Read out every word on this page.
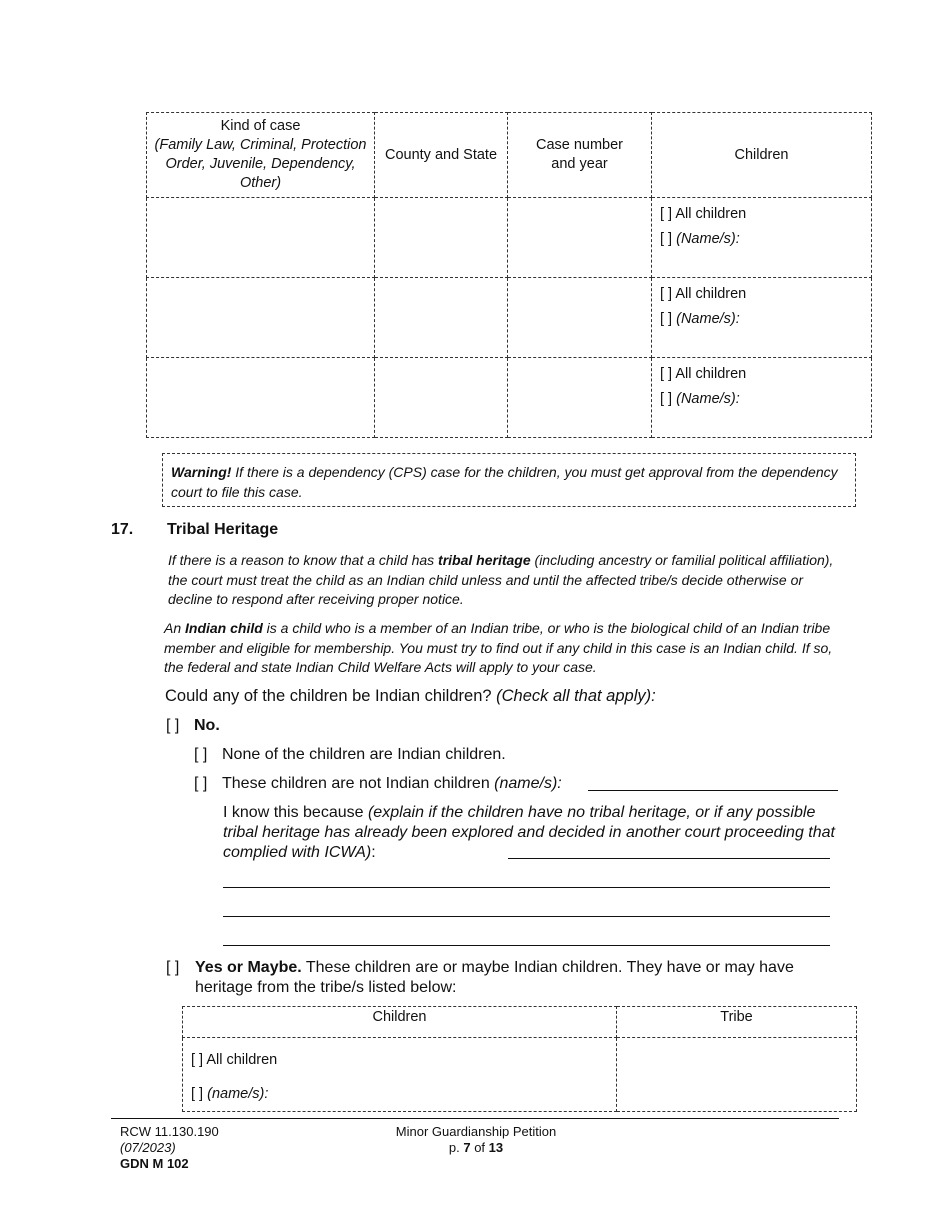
Kind of case
(Family Law, Criminal, Protection Order, Juvenile, Dependency, Other)	County and State	Case number and year	Children

			[ ] All children
[ ] (Name/s):

			[ ] All children
[ ] (Name/s):

			[ ] All children
[ ] (Name/s):
Warning! If there is a dependency (CPS) case for the children, you must get approval from the dependency court to file this case.
17. Tribal Heritage
If there is a reason to know that a child has tribal heritage (including ancestry or familial political affiliation), the court must treat the child as an Indian child unless and until the affected tribe/s decide otherwise or decline to respond after receiving proper notice.
An Indian child is a child who is a member of an Indian tribe, or who is the biological child of an Indian tribe member and eligible for membership. You must try to find out if any child in this case is an Indian child. If so, the federal and state Indian Child Welfare Acts will apply to your case.
Could any of the children be Indian children? (Check all that apply):
[ ] No.
[ ] None of the children are Indian children.
[ ] These children are not Indian children (name/s):
I know this because (explain if the children have no tribal heritage, or if any possible tribal heritage has already been explored and decided in another court proceeding that complied with ICWA):
[ ] Yes or Maybe. These children are or maybe Indian children. They have or may have heritage from the tribe/s listed below:
Children	Tribe

[ ] All children
[ ] (name/s):	

RCW 11.130.190
(07/2023)
GDN M 102
Minor Guardianship Petition
p. 7 of 13
